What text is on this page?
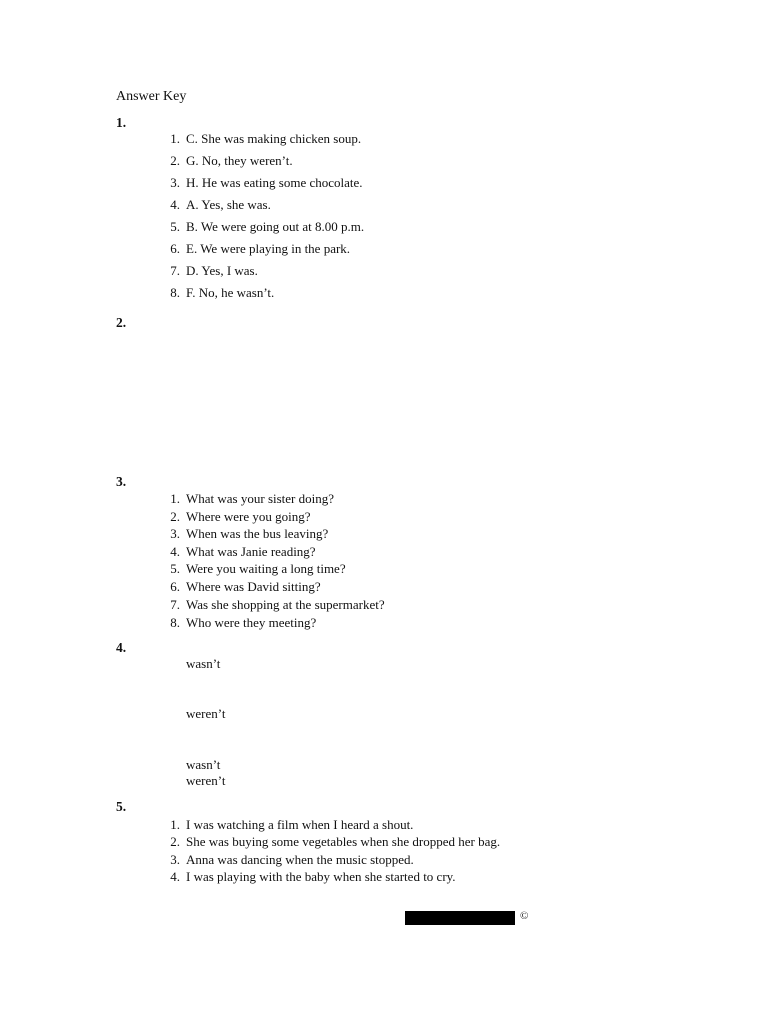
Answer Key
1.
1. C. She was making chicken soup.
2. G. No, they weren’t.
3. H. He was eating some chocolate.
4. A. Yes, she was.
5. B. We were going out at 8.00 p.m.
6. E. We were playing in the park.
7. D. Yes, I was.
8. F. No, he wasn’t.
2.
3.
1. What was your sister doing?
2. Where were you going?
3. When was the bus leaving?
4. What was Janie reading?
5. Were you waiting a long time?
6. Where was David sitting?
7. Was she shopping at the supermarket?
8. Who were they meeting?
4.
wasn’t
weren’t
wasn’t
weren’t
5.
1. I was watching a film when I heard a shout.
2. She was buying some vegetables when she dropped her bag.
3. Anna was dancing when the music stopped.
4. I was playing with the baby when she started to cry.
©
